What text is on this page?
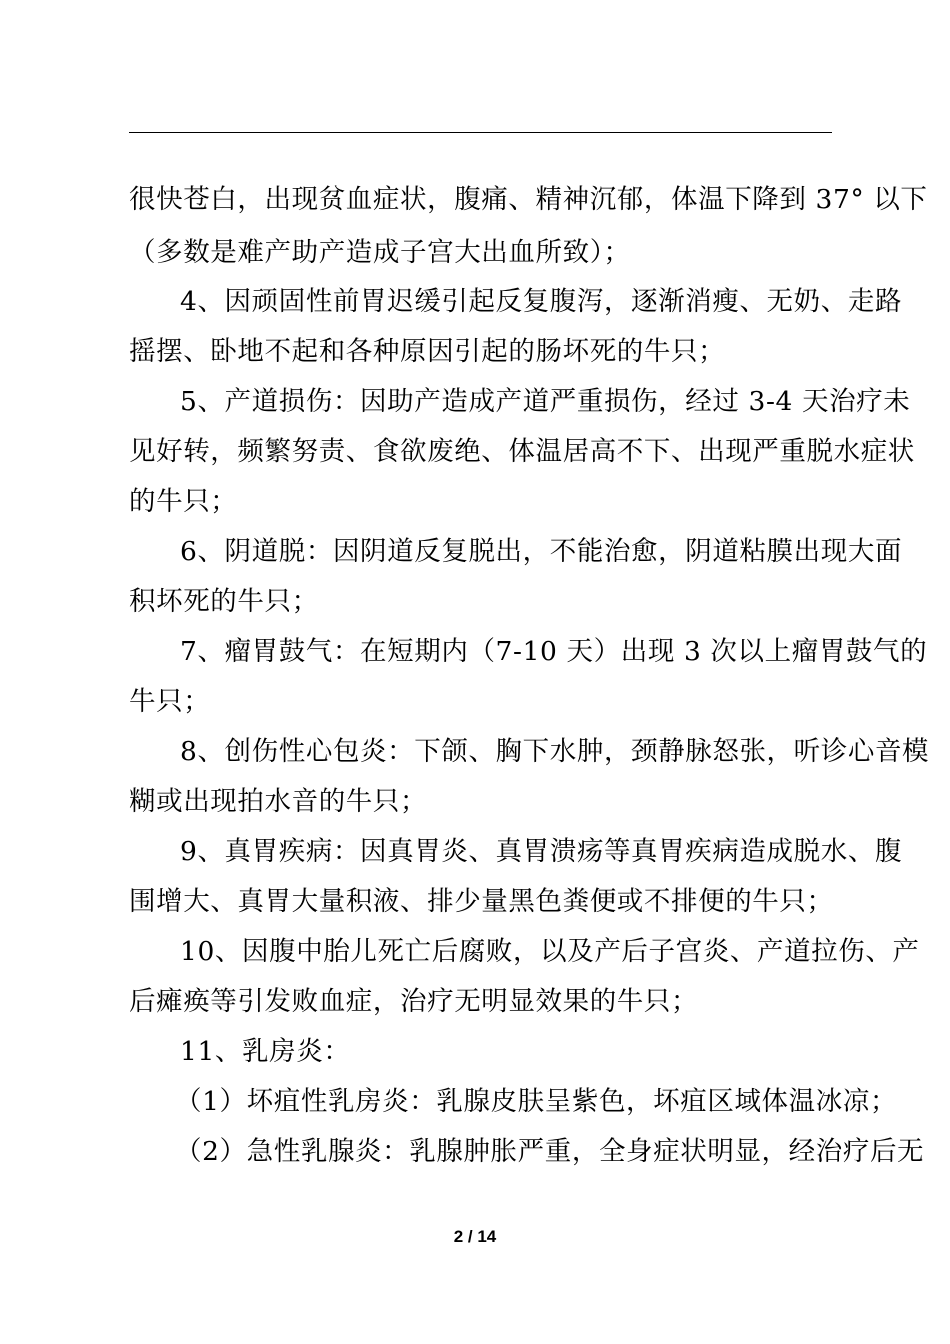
很快苍白，出现贫血症状，腹痛、精神沉郁，体温下降到 37° 以下
（多数是难产助产造成子宫大出血所致）；
4、因顽固性前胃迟缓引起反复腹泻，逐渐消瘦、无奶、走路
摇摆、卧地不起和各种原因引起的肠坏死的牛只；
5、产道损伤：因助产造成产道严重损伤，经过 3-4 天治疗未
见好转，频繁努责、食欲废绝、体温居高不下、出现严重脱水症状
的牛只；
6、阴道脱：因阴道反复脱出，不能治愈，阴道粘膜出现大面
积坏死的牛只；
7、瘤胃鼓气：在短期内（7-10 天）出现 3 次以上瘤胃鼓气的
牛只；
8、创伤性心包炎：下颌、胸下水肿，颈静脉怒张，听诊心音模
糊或出现拍水音的牛只；
9、真胃疾病：因真胃炎、真胃溃疡等真胃疾病造成脱水、腹
围增大、真胃大量积液、排少量黑色粪便或不排便的牛只；
10、因腹中胎儿死亡后腐败，以及产后子宫炎、产道拉伤、产
后瘫痪等引发败血症，治疗无明显效果的牛只；
11、乳房炎：
（1）坏疽性乳房炎：乳腺皮肤呈紫色，坏疽区域体温冰凉；
（2）急性乳腺炎：乳腺肿胀严重，全身症状明显，经治疗后无
2 / 14
